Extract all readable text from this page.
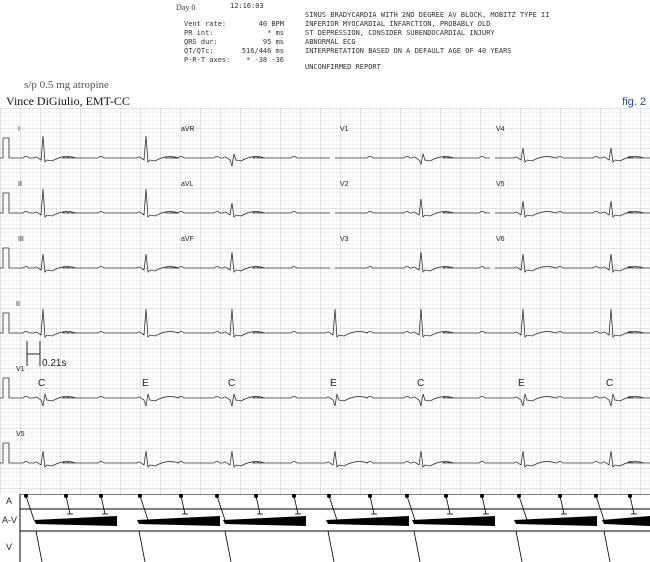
Day 0	12:16:03
Vent rate:	40 BPM
PR int:	* ms
QRS dur:	95 ms
QT/QTc:	516/446 ms
P-R-T axes: * -38 -36
SINUS BRADYCARDIA WITH 2ND DEGREE AV BLOCK, MOBITZ TYPE II
INFERIOR MYOCARDIAL INFARCTION, PROBABLY OLD
ST DEPRESSION, CONSIDER SUBENDOCARDIAL INJURY
ABNORMAL ECG
INTERPRETATION BASED ON A DEFAULT AGE OF 40 YEARS
UNCONFIRMED REPORT
s/p 0.5 mg atropine
Vince DiGiulio, EMT-CC	fig. 2
I	aVR	V1	V4
II	aVL	V2	V5
III	aVF	V3	V6
II
V1
V5
0.21s
C	E	C	E	C	E	C
A
A-V
V
